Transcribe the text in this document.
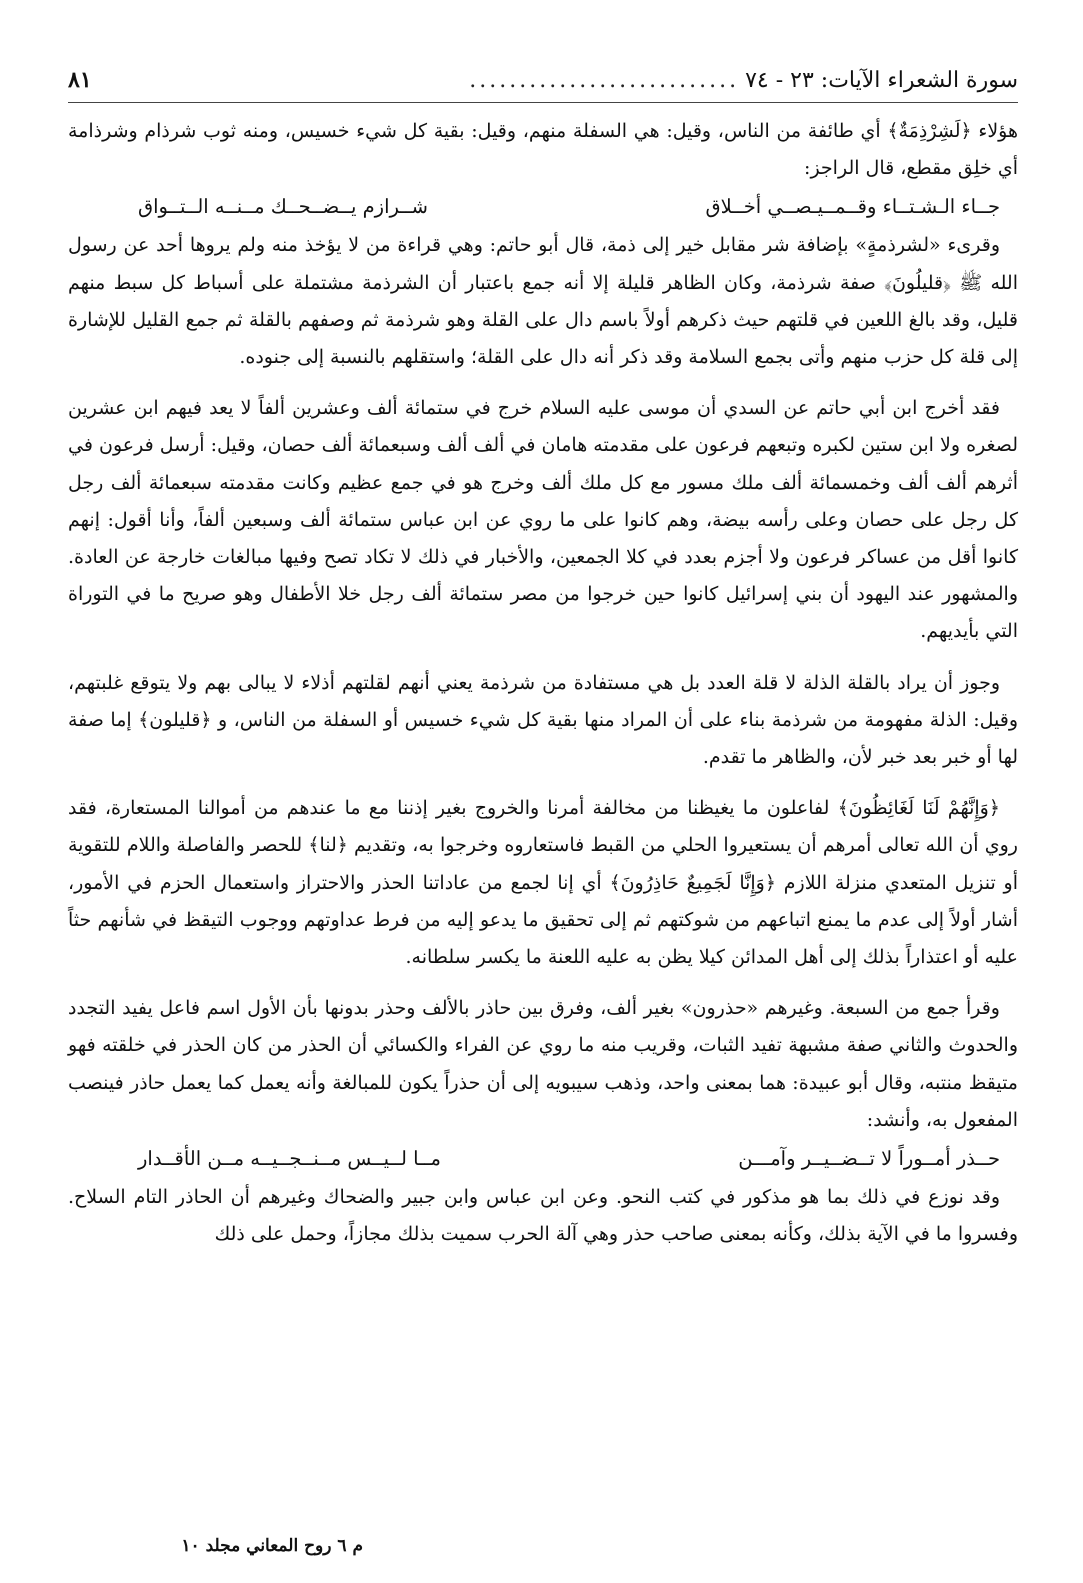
سورة الشعراء الآيات: ٢٣ - ٧٤
...........................
٨١

هؤلاء ﴿لَشِرْذِمَةٌ﴾ أي طائفة من الناس، وقيل: هي السفلة منهم، وقيل: بقية كل شيء خسيس، ومنه ثوب شرذام وشرذامة أي خلِق مقطع، قال الراجز:

جــاء الـشـتــاء وقــمــيـصــي أخــلاق
شــرازم يــضــحــك مــنــه الــتــواق

وقرىء «لشرذمةٍ» بإضافة شر مقابل خير إلى ذمة، قال أبو حاتم: وهي قراءة من لا يؤخذ منه ولم يروها أحد عن رسول الله ﷺ ﴿قليلُونَ﴾ صفة شرذمة، وكان الظاهر قليلة إلا أنه جمع باعتبار أن الشرذمة مشتملة على أسباط كل سبط منهم قليل، وقد بالغ اللعين في قلتهم حيث ذكرهم أولاً باسم دال على القلة وهو شرذمة ثم وصفهم بالقلة ثم جمع القليل للإشارة إلى قلة كل حزب منهم وأتى بجمع السلامة وقد ذكر أنه دال على القلة؛ واستقلهم بالنسبة إلى جنوده.

فقد أخرج ابن أبي حاتم عن السدي أن موسى عليه السلام خرج في ستمائة ألف وعشرين ألفاً لا يعد فيهم ابن عشرين لصغره ولا ابن ستين لكبره وتبعهم فرعون على مقدمته هامان في ألف ألف وسبعمائة ألف حصان، وقيل: أرسل فرعون في أثرهم ألف ألف وخمسمائة ألف ملك مسور مع كل ملك ألف وخرج هو في جمع عظيم وكانت مقدمته سبعمائة ألف رجل كل رجل على حصان وعلى رأسه بيضة، وهم كانوا على ما روي عن ابن عباس ستمائة ألف وسبعين ألفاً، وأنا أقول: إنهم كانوا أقل من عساكر فرعون ولا أجزم بعدد في كلا الجمعين، والأخبار في ذلك لا تكاد تصح وفيها مبالغات خارجة عن العادة. والمشهور عند اليهود أن بني إسرائيل كانوا حين خرجوا من مصر ستمائة ألف رجل خلا الأطفال وهو صريح ما في التوراة التي بأيديهم.

وجوز أن يراد بالقلة الذلة لا قلة العدد بل هي مستفادة من شرذمة يعني أنهم لقلتهم أذلاء لا يبالى بهم ولا يتوقع غلبتهم، وقيل: الذلة مفهومة من شرذمة بناء على أن المراد منها بقية كل شيء خسيس أو السفلة من الناس، و ﴿قليلون﴾ إما صفة لها أو خبر بعد خبر لأن، والظاهر ما تقدم.

﴿وَإِنَّهُمْ لَنَا لَغَائِظُونَ﴾ لفاعلون ما يغيظنا من مخالفة أمرنا والخروج بغير إذننا مع ما عندهم من أموالنا المستعارة، فقد روي أن الله تعالى أمرهم أن يستعيروا الحلي من القبط فاستعاروه وخرجوا به، وتقديم ﴿لنا﴾ للحصر والفاصلة واللام للتقوية أو تنزيل المتعدي منزلة اللازم ﴿وَإِنَّا لَجَمِيعٌ حَاذِرُونَ﴾ أي إنا لجمع من عاداتنا الحذر والاحتراز واستعمال الحزم في الأمور، أشار أولاً إلى عدم ما يمنع اتباعهم من شوكتهم ثم إلى تحقيق ما يدعو إليه من فرط عداوتهم ووجوب التيقظ في شأنهم حثاً عليه أو اعتذاراً بذلك إلى أهل المدائن كيلا يظن به عليه اللعنة ما يكسر سلطانه.

وقرأ جمع من السبعة. وغيرهم «حذرون» بغير ألف، وفرق بين حاذر بالألف وحذر بدونها بأن الأول اسم فاعل يفيد التجدد والحدوث والثاني صفة مشبهة تفيد الثبات، وقريب منه ما روي عن الفراء والكسائي أن الحذر من كان الحذر في خلقته فهو متيقظ منتبه، وقال أبو عبيدة: هما بمعنى واحد، وذهب سيبويه إلى أن حذراً يكون للمبالغة وأنه يعمل كما يعمل حاذر فينصب المفعول به، وأنشد:

حــذر أمــوراً لا تــضــيــر وآمـــن
مــا لــيــس مــنــجــيــه مــن الأقــدار

وقد نوزع في ذلك بما هو مذكور في كتب النحو. وعن ابن عباس وابن جبير والضحاك وغيرهم أن الحاذر التام السلاح. وفسروا ما في الآية بذلك، وكأنه بمعنى صاحب حذر وهي آلة الحرب سميت بذلك مجازاً، وحمل على ذلك

م ٦ روح المعاني مجلد ١٠
